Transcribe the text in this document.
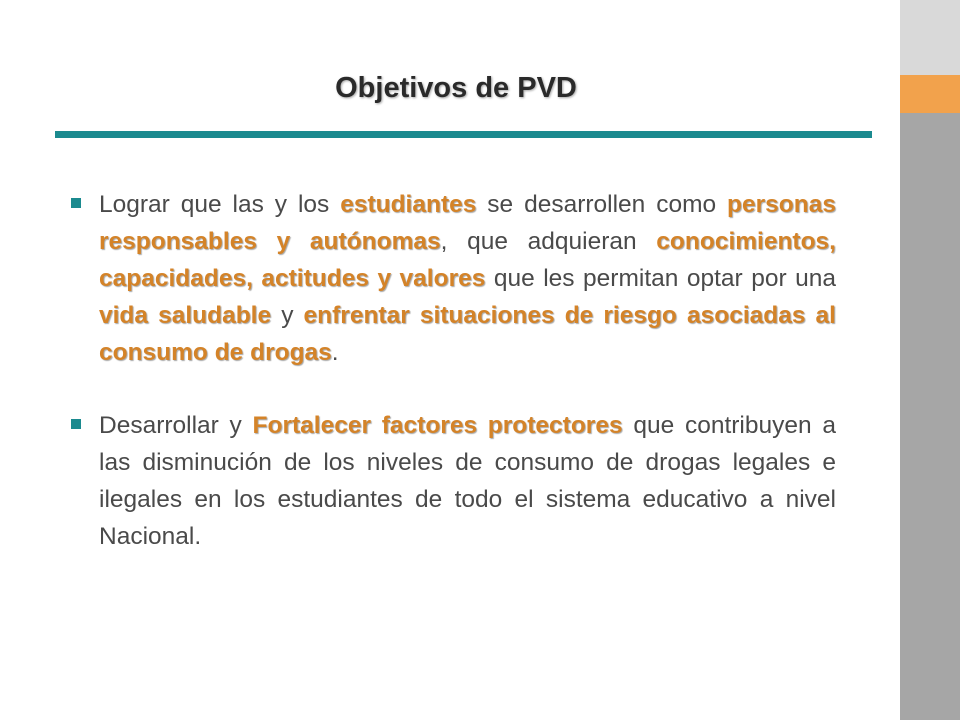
Objetivos de PVD
Lograr que las y los estudiantes se desarrollen como personas responsables y autónomas, que adquieran conocimientos, capacidades, actitudes y valores que les permitan optar por una vida saludable y enfrentar situaciones de riesgo asociadas al consumo de drogas.
Desarrollar y Fortalecer factores protectores que contribuyen a las disminución de los niveles de consumo de drogas legales e ilegales en los estudiantes de todo el sistema educativo a nivel Nacional.
